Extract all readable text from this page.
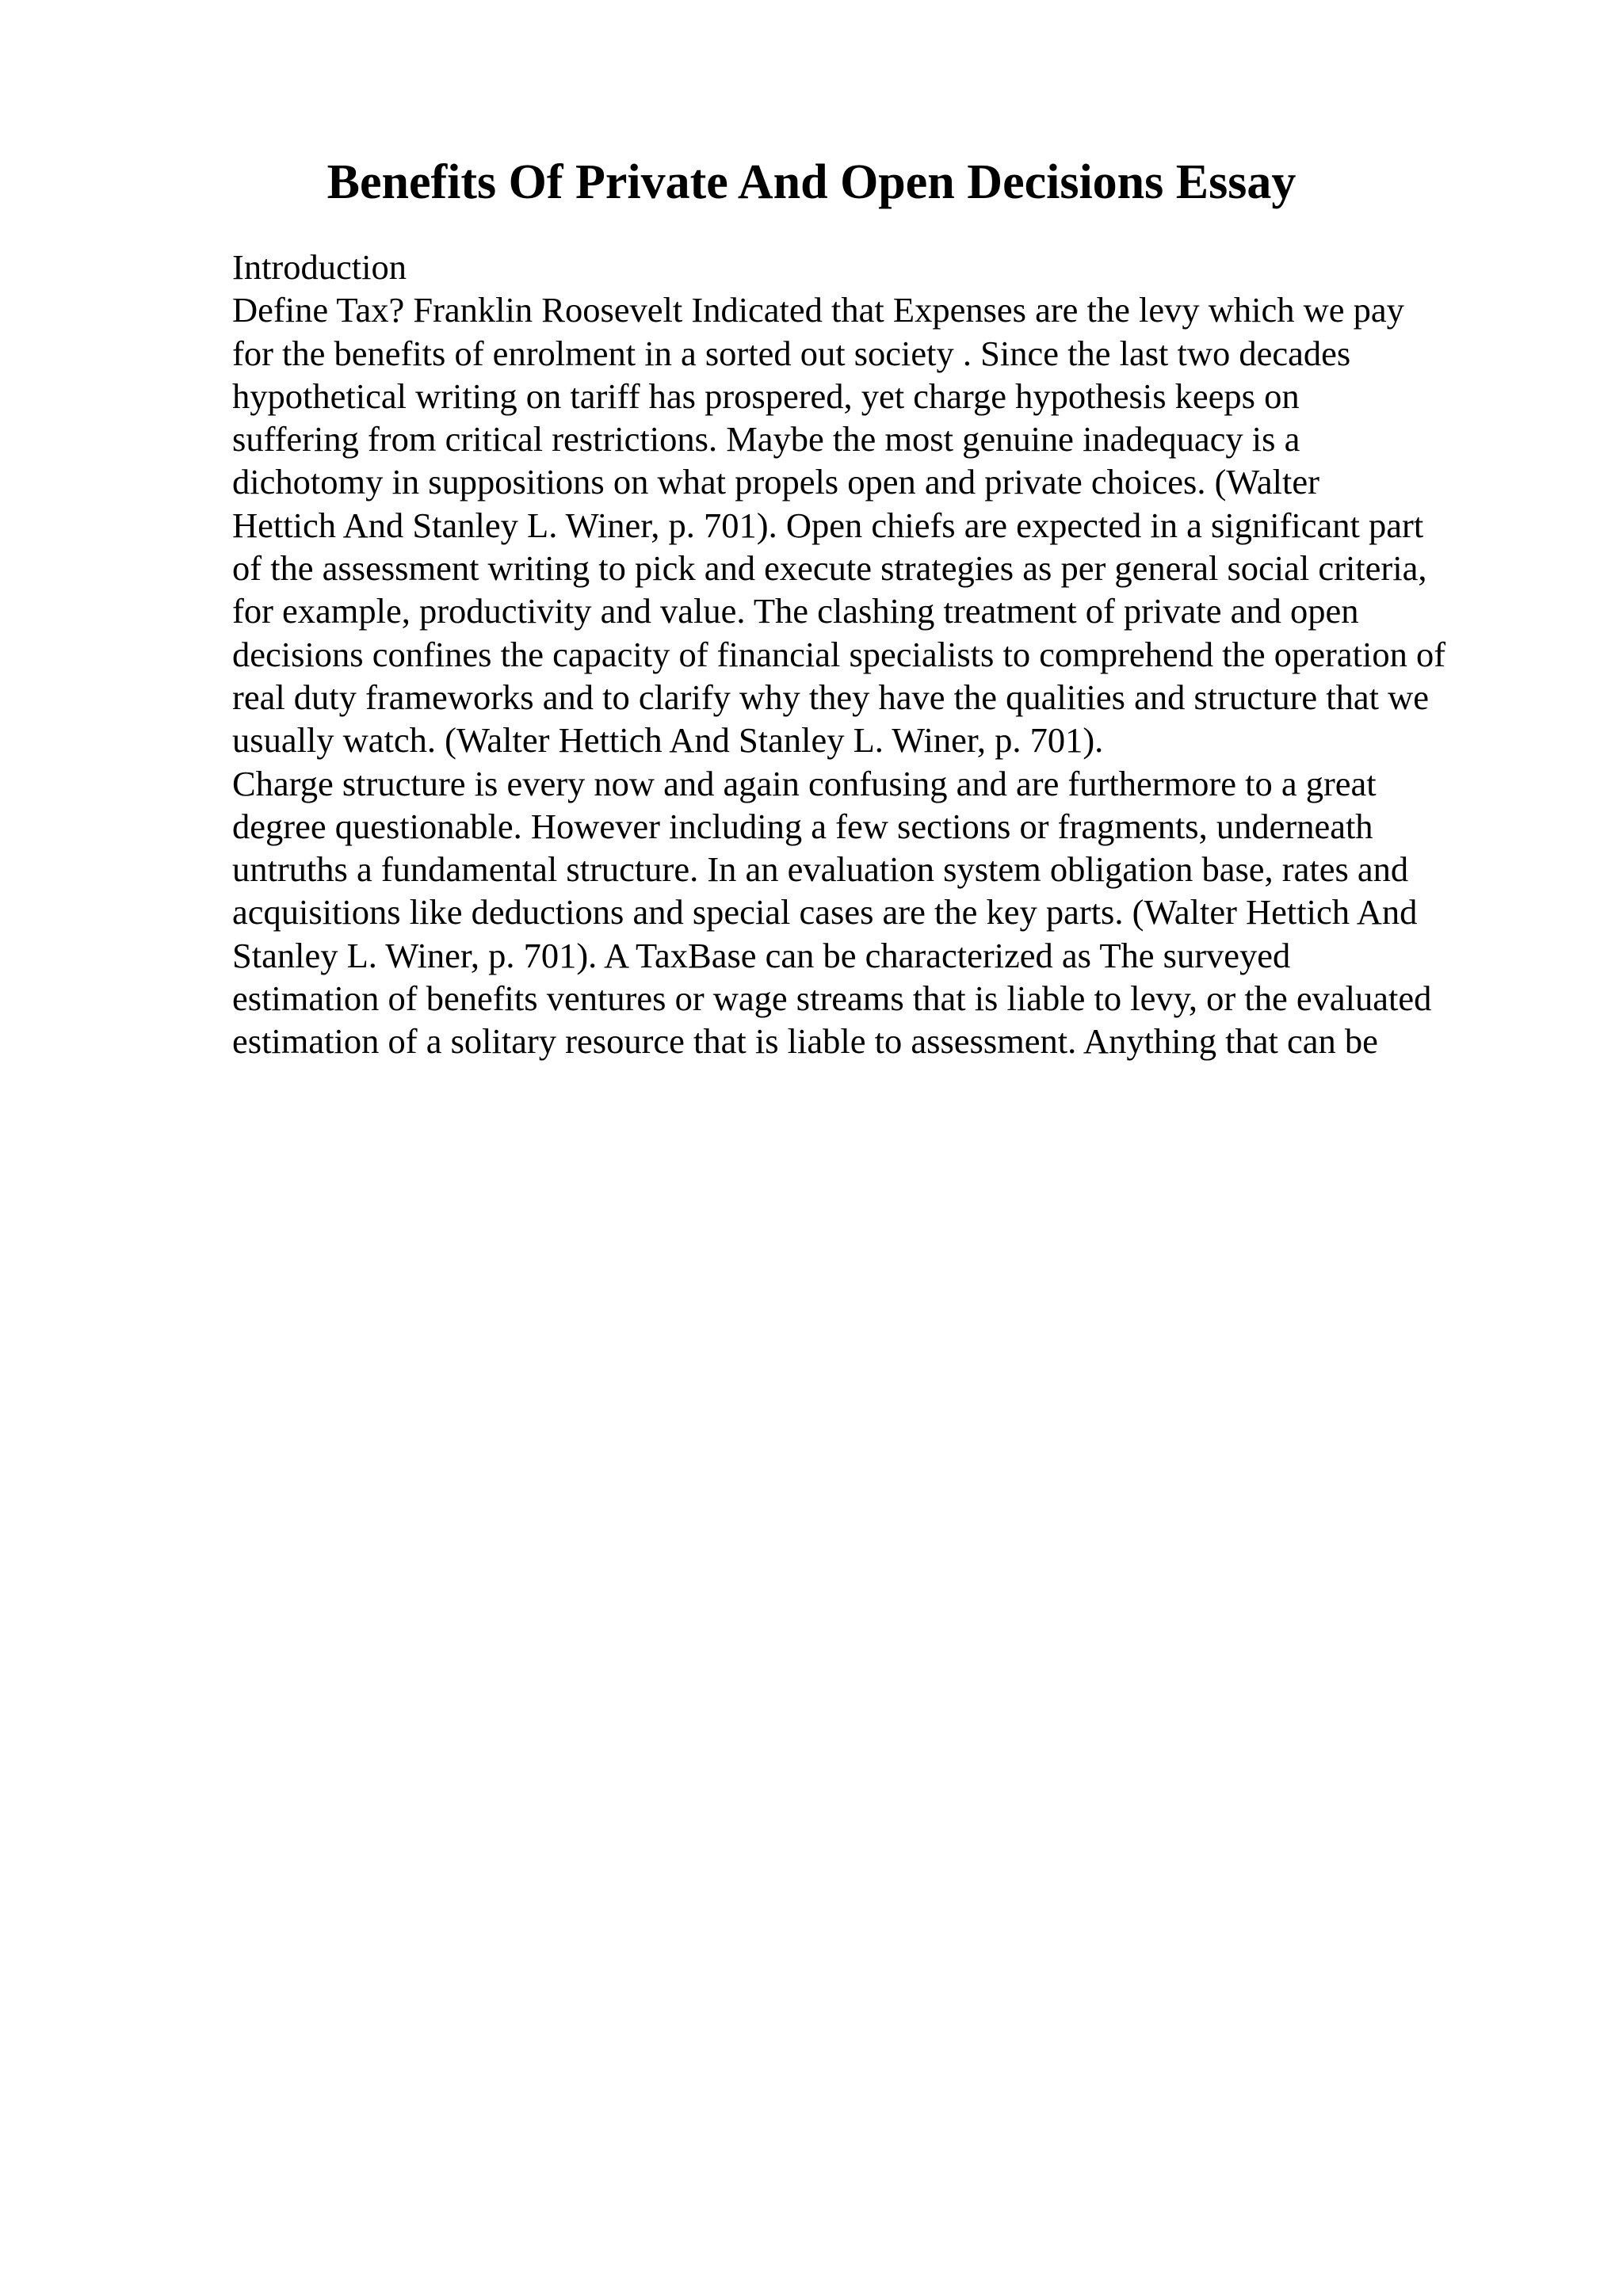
Benefits Of Private And Open Decisions Essay
Introduction
Define Tax? Franklin Roosevelt Indicated that Expenses are the levy which we pay
for the benefits of enrolment in a sorted out society . Since the last two decades
hypothetical writing on tariff has prospered, yet charge hypothesis keeps on
suffering from critical restrictions. Maybe the most genuine inadequacy is a
dichotomy in suppositions on what propels open and private choices. (Walter
Hettich And Stanley L. Winer, p. 701). Open chiefs are expected in a significant part
of the assessment writing to pick and execute strategies as per general social criteria,
for example, productivity and value. The clashing treatment of private and open
decisions confines the capacity of financial specialists to comprehend the operation of
real duty frameworks and to clarify why they have the qualities and structure that we
usually watch. (Walter Hettich And Stanley L. Winer, p. 701).
Charge structure is every now and again confusing and are furthermore to a great
degree questionable. However including a few sections or fragments, underneath
untruths a fundamental structure. In an evaluation system obligation base, rates and
acquisitions like deductions and special cases are the key parts. (Walter Hettich And
Stanley L. Winer, p. 701). A TaxBase can be characterized as The surveyed
estimation of benefits ventures or wage streams that is liable to levy, or the evaluated
estimation of a solitary resource that is liable to assessment. Anything that can be
